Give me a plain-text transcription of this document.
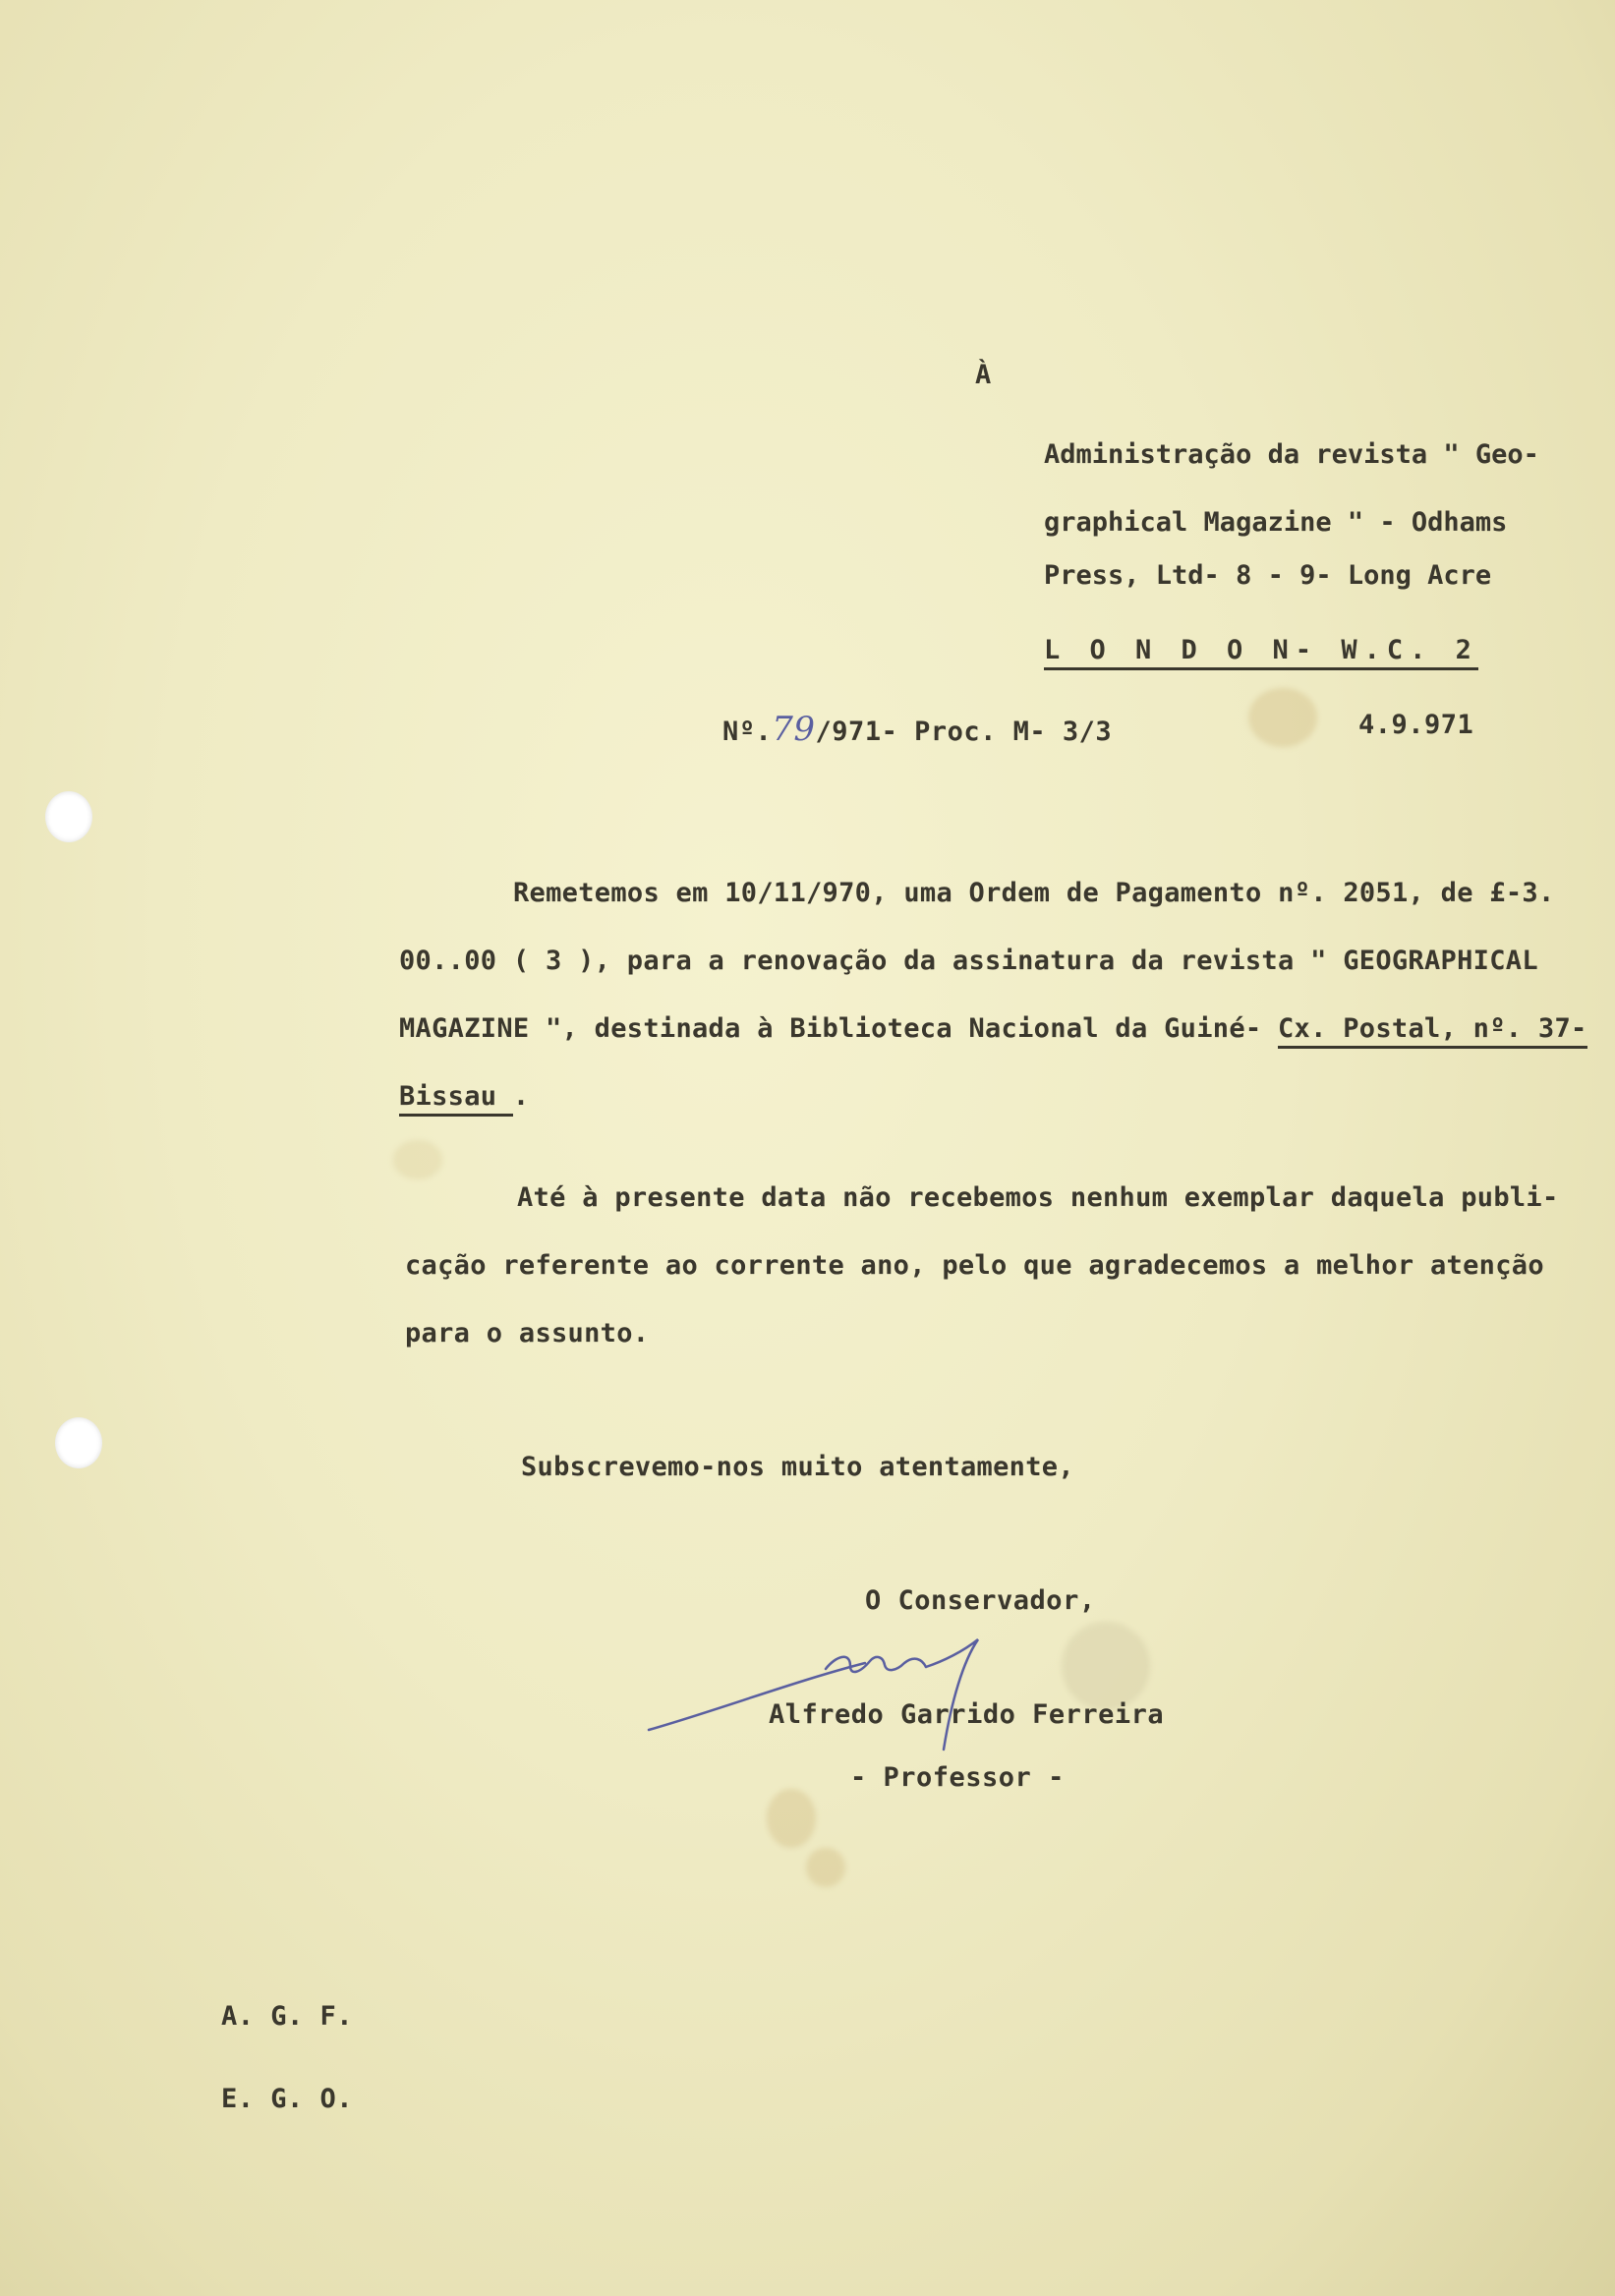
À
Administração da revista " Geo-
graphical Magazine " - Odhams
Press, Ltd- 8 - 9- Long Acre
L O N D O N- W.C. 2
Nº.79/971- Proc. M- 3/3	4.9.971
Remetemos em 10/11/970, uma Ordem de Pagamento nº. 2051, de £-3.
00..00 ( 3 ), para a renovação da assinatura da revista " GEOGRAPHICAL
MAGAZINE ", destinada à Biblioteca Nacional da Guiné- Cx. Postal, nº. 37-
Bissau .
Até à presente data não recebemos nenhum exemplar daquela publi-
cação referente ao corrente ano, pelo que agradecemos a melhor atenção
para o assunto.
Subscrevemo-nos muito atentamente,
O Conservador,
Alfredo Garrido Ferreira
- Professor -
A. G. F.
E. G. O.
